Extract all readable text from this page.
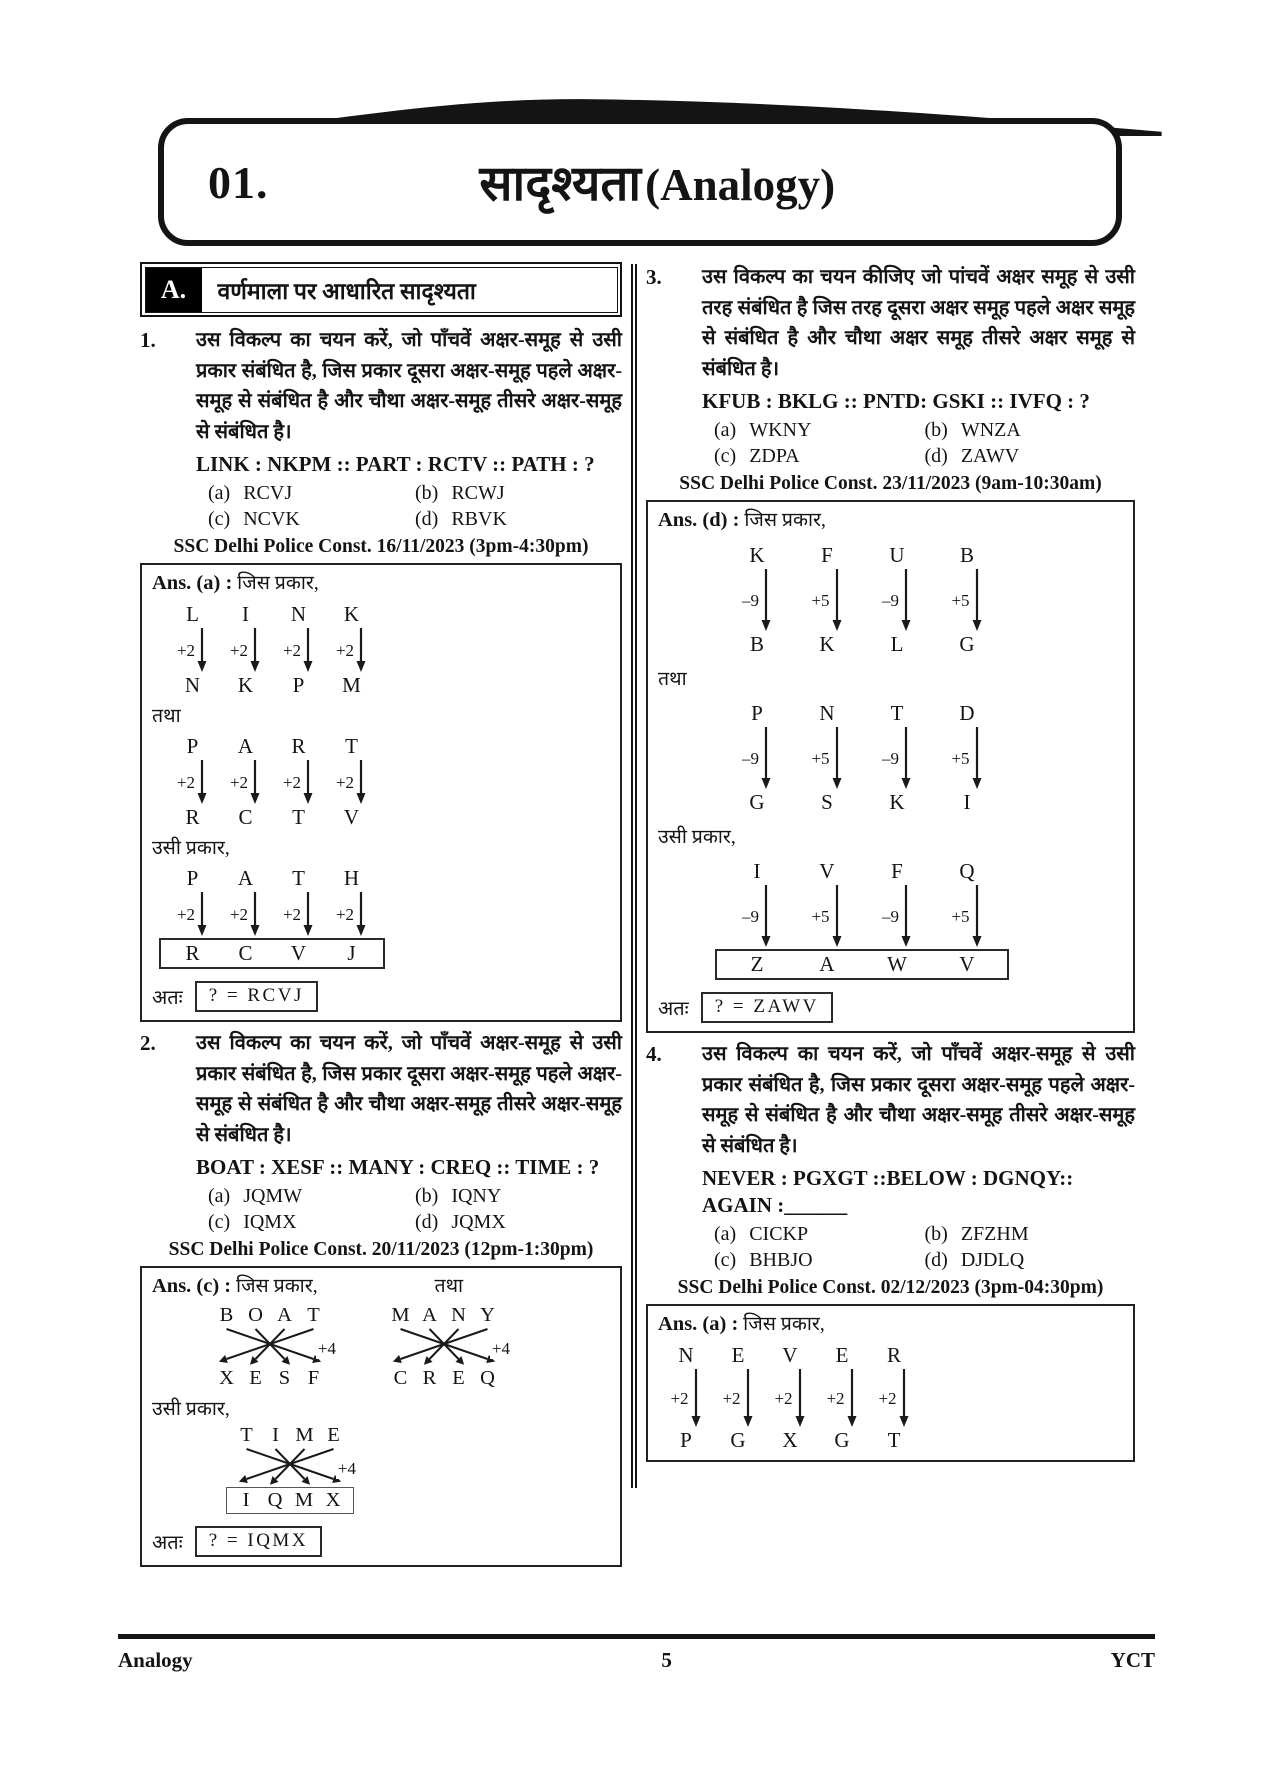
01.	सादृश्यता (Analogy)
A.	वर्णमाला पर आधारित सादृश्यता
1.	उस विकल्प का चयन करें, जो पाँचवें अक्षर-समूह से उसी प्रकार संबंधित है, जिस प्रकार दूसरा अक्षर-समूह पहले अक्षर-समूह से संबंधित है और चौथा अक्षर-समूह तीसरे अक्षर-समूह से संबंधित है।

LINK : NKPM :: PART : RCTV :: PATH : ?
(a) RCVJ	(b) RCWJ
(c) NCVK	(d) RBVK
SSC Delhi Police Const. 16/11/2023 (3pm-4:30pm)
Ans. (a) : जिस प्रकार,
L	I	N	K
+2 +2 +2 +2
N	K	P	M
तथा
P	A	R	T
+2 +2 +2 +2
R	C	T	V
उसी प्रकार,
P	A	T	H
+2 +2 +2 +2
R	C	V	J
अतः	? = RCVJ
2.	उस विकल्प का चयन करें, जो पाँचवें अक्षर-समूह से उसी प्रकार संबंधित है, जिस प्रकार दूसरा अक्षर-समूह पहले अक्षर-समूह से संबंधित है और चौथा अक्षर-समूह तीसरे अक्षर-समूह से संबंधित है।

BOAT : XESF :: MANY : CREQ :: TIME : ?
(a) JQMW	(b) IQNY
(c) IQMX	(d) JQMX
SSC Delhi Police Const. 20/11/2023 (12pm-1:30pm)
Ans. (c) : जिस प्रकार,	तथा
B O A T
+4
X E S F
M A N Y
+4
C R E Q
उसी प्रकार,
T I M E
+4
I Q M X
अतः	? = IQMX
3.	उस विकल्प का चयन कीजिए जो पांचवें अक्षर समूह से उसी तरह संबंधित है जिस तरह दूसरा अक्षर समूह पहले अक्षर समूह से संबंधित है और चौथा अक्षर समूह तीसरे अक्षर समूह से संबंधित है।

KFUB : BKLG :: PNTD: GSKI :: IVFQ : ?
(a) WKNY	(b) WNZA
(c) ZDPA	(d) ZAWV
SSC Delhi Police Const. 23/11/2023 (9am-10:30am)
Ans. (d) : जिस प्रकार,
K	F	U	B
–9	+5	–9	+5
B	K	L	G
तथा
P	N	T	D
–9	+5	–9	+5
G	S	K	I
उसी प्रकार,
I	V	F	Q
–9	+5	–9	+5
Z	A	W	V
अतः	? = ZAWV
4.	उस विकल्प का चयन करें, जो पाँचवें अक्षर-समूह से उसी प्रकार संबंधित है, जिस प्रकार दूसरा अक्षर-समूह पहले अक्षर-समूह से संबंधित है और चौथा अक्षर-समूह तीसरे अक्षर-समूह से संबंधित है।

NEVER : PGXGT ::BELOW : DGNQY:: AGAIN :______
(a) CICKP	(b) ZFZHM
(c) BHBJO	(d) DJDLQ
SSC Delhi Police Const. 02/12/2023 (3pm-04:30pm)
Ans. (a) : जिस प्रकार,
N	E	V	E	R
+2 +2 +2 +2 +2
P	G	X	G	T
Analogy	5	YCT
